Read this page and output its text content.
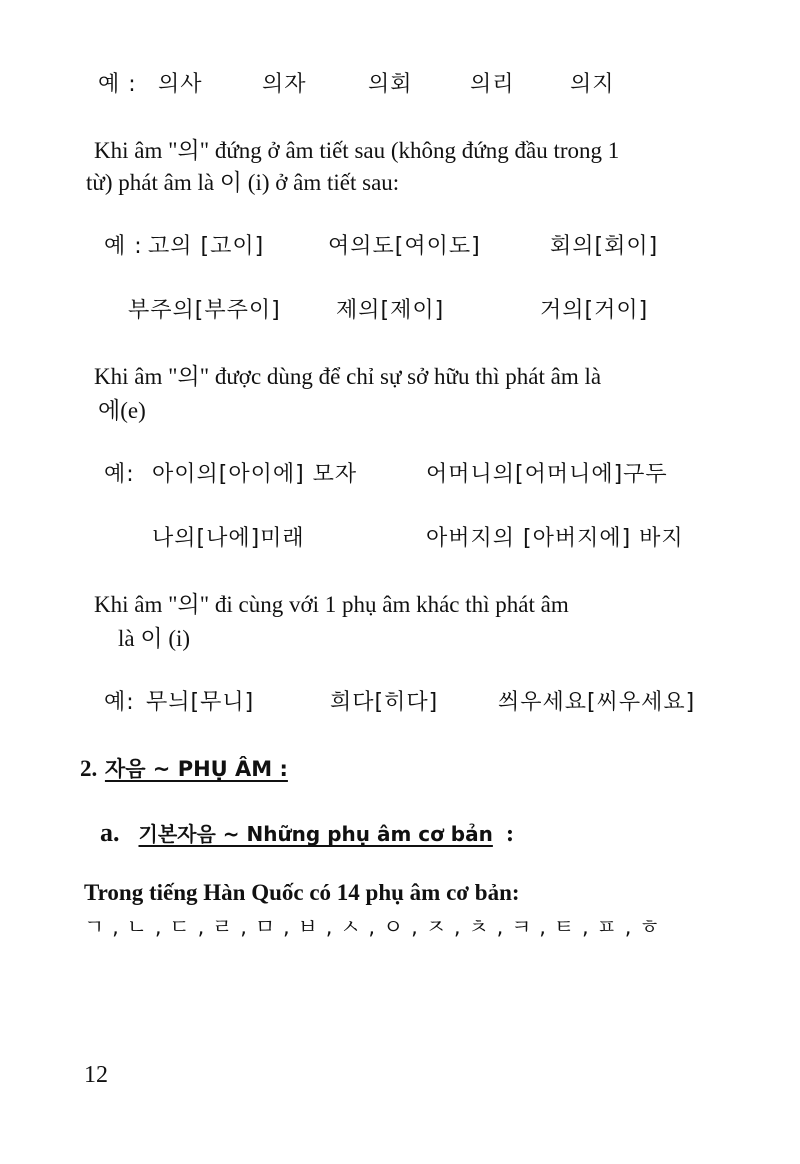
예 : 의사	의자	의회	의리	의지
Khi âm "의" đứng ở âm tiết sau (không đứng đầu trong 1
từ) phát âm là 이 (i) ở âm tiết sau:
예 : 고의 [고이]	여의도[여이도]	회의[회이]
부주의[부주이]	제의[제이]	거의[거이]
Khi âm "의" được dùng để chỉ sự sở hữu thì phát âm là
에(e)
예: 아이의[아이에] 모자	어머니의[어머니에]구두
나의[나에]미래	아버지의 [아버지에] 바지
Khi âm "의" đi cùng với 1 phụ âm khác thì phát âm
là 이 (i)
예: 무늬[무니]	희다[히다]	씌우세요[씨우세요]
2. 자음 ~ PHỤ ÂM :
a. 기본자음 ~ Những phụ âm cơ bản :
Trong tiếng Hàn Quốc có 14 phụ âm cơ bản:
ㄱ , ㄴ , ㄷ , ㄹ , ㅁ , ㅂ , ㅅ , ㅇ , ㅈ , ㅊ , ㅋ , ㅌ , ㅍ , ㅎ
12
